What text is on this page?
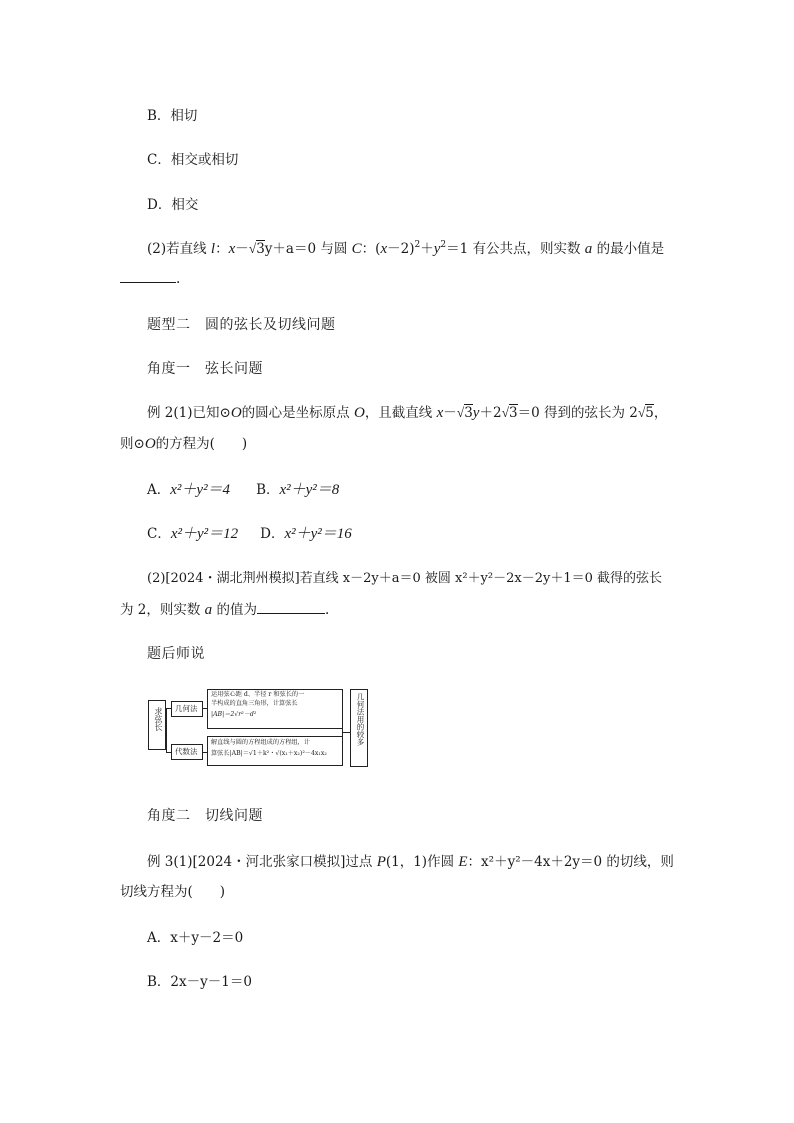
B．相切
C．相交或相切
D．相交
(2)若直线 l：x－√3y＋a＝0 与圆 C：$(x-2)^2+y^2=1$ 有公共点，则实数 a 的最小值是
.
题型二　圆的弦长及切线问题
角度一　弦长问题
例 2(1)已知⊙O的圆心是坐标原点 O，且截直线 x－√3y＋2√3＝0 得到的弦长为 2√5，
则⊙O的方程为(　　)
A．x²＋y²＝4 B．x²＋y²＝8
C．x²＋y²＝12 D．x²＋y²＝16
(2)[2024・湖北荆州模拟]若直线 x－2y＋a＝0 被圆 x²＋y²－2x－2y＋1＝0 截得的弦长
为 2，则实数 a 的值为	.
题后师说
求弦长 几何法
代数法
运用弦心距 d、半径 r 和弦长的一
半构成的直角三角形，计算弦长
|AB|＝2√r²－d²
解直线与圆的方程组成的方程组，计
算弦长|AB|＝√1＋k²・√(x₁＋x₂)²－4x₁x₂
几何法用的较多
角度二　切线问题
例 3(1)[2024・河北张家口模拟]过点 P(1，1)作圆 E：x²＋y²－4x＋2y＝0 的切线，则
切线方程为(　　)
A．x＋y－2＝0
B．2x－y－1＝0
